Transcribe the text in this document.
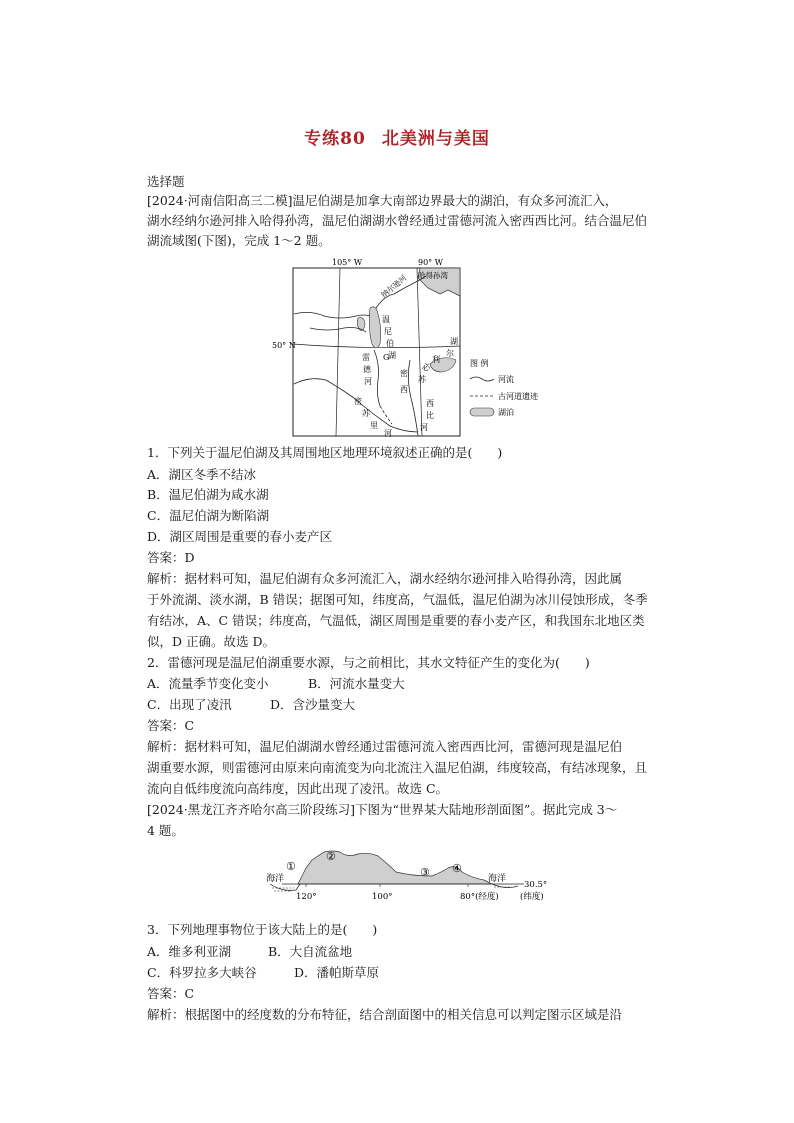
专练80 北美洲与美国
选择题
[2024·河南信阳高三二模]温尼伯湖是加拿大南部边界最大的湖泊，有众多河流汇入，
湖水经纳尔逊河排入哈得孙湾，温尼伯湖湖水曾经通过雷德河流入密西西比河。结合温尼伯
湖流域图(下图)，完成 1～2 题。
图 例
河流
古河道遗迹
湖泊
105° W	90° W
50° N
哈得孙湾
纳尔逊河
温
尼
伯
湖
雷
德
河
G
苏
必
利
尔
湖
密
西
西
比
河
密
苏
里
河
1．下列关于温尼伯湖及其周围地区地理环境叙述正确的是(　　)
A．湖区冬季不结冰
B．温尼伯湖为咸水湖
C．温尼伯湖为断陷湖
D．湖区周围是重要的春小麦产区
答案：D
解析：据材料可知，温尼伯湖有众多河流汇入，湖水经纳尔逊河排入哈得孙湾，因此属
于外流湖、淡水湖，B 错误；据图可知，纬度高，气温低，温尼伯湖为冰川侵蚀形成，冬季
有结冰，A、C 错误；纬度高，气温低，湖区周围是重要的春小麦产区，和我国东北地区类
似，D 正确。故选 D。
2．雷德河现是温尼伯湖重要水源，与之前相比，其水文特征产生的变化为(　　)
A．流量季节变化变小	B．河流水量变大
C．出现了凌汛	D．含沙量变大
答案：C
解析：据材料可知，温尼伯湖湖水曾经通过雷德河流入密西西比河，雷德河现是温尼伯
湖重要水源，则雷德河由原来向南流变为向北流注入温尼伯湖，纬度较高，有结冰现象，且
流向自低纬度流向高纬度，因此出现了凌汛。故选 C。
[2024·黑龙江齐齐哈尔高三阶段练习]下图为“世界某大陆地形剖面图”。据此完成 3～
4 题。
海洋	海洋
①
②
③ ④
120°	100°	80°(经度)
30.5°
(纬度)
3．下列地理事物位于该大陆上的是(　　)
A．维多利亚湖	B．大自流盆地
C．科罗拉多大峡谷	D．潘帕斯草原
答案：C
解析：根据图中的经度数的分布特征，结合剖面图中的相关信息可以判定图示区域是沿
